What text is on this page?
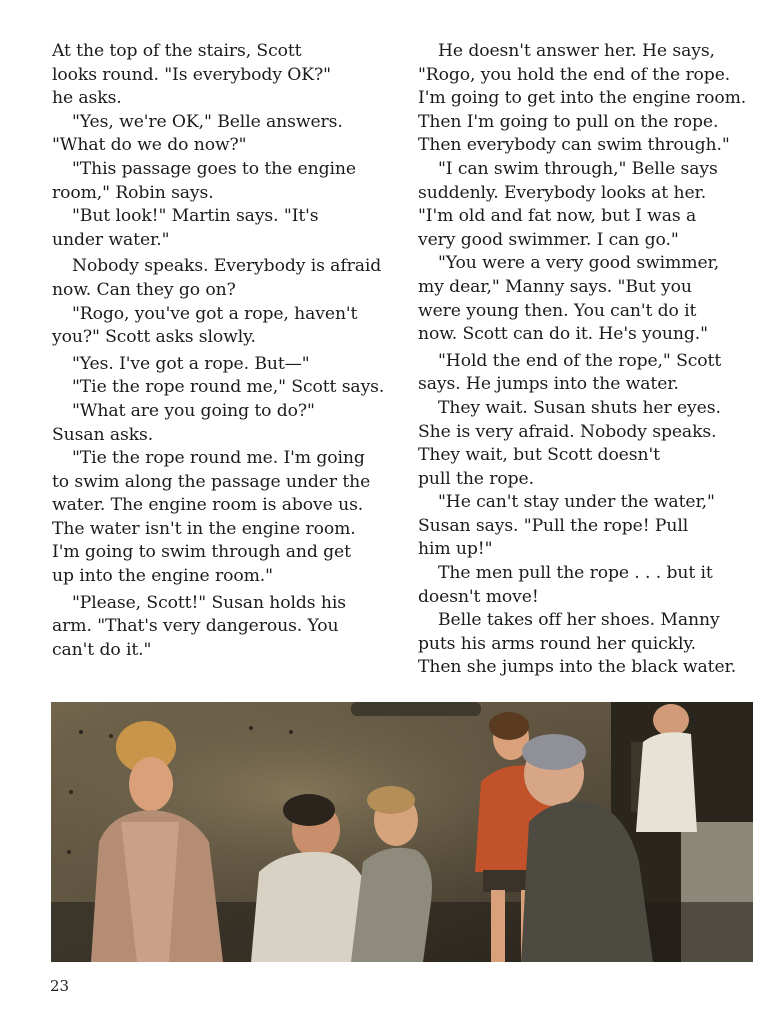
At the top of the stairs, Scott
looks round. "Is everybody OK?"
he asks.

"Yes, we're OK," Belle answers.
"What do we do now?"

"This passage goes to the engine
room," Robin says.

"But look!" Martin says. "It's
under water."

Nobody speaks. Everybody is afraid
now. Can they go on?

"Rogo, you've got a rope, haven't
you?" Scott asks slowly.

"Yes. I've got a rope. But—"

"Tie the rope round me," Scott says.

"What are you going to do?"
Susan asks.

"Tie the rope round me. I'm going
to swim along the passage under the
water. The engine room is above us.
The water isn't in the engine room.
I'm going to swim through and get
up into the engine room."

"Please, Scott!" Susan holds his
arm. "That's very dangerous. You
can't do it."

He doesn't answer her. He says,
"Rogo, you hold the end of the rope.
I'm going to get into the engine room.
Then I'm going to pull on the rope.
Then everybody can swim through."

"I can swim through," Belle says
suddenly. Everybody looks at her.
"I'm old and fat now, but I was a
very good swimmer. I can go."

"You were a very good swimmer,
my dear," Manny says. "But you
were young then. You can't do it
now. Scott can do it. He's young."

"Hold the end of the rope," Scott
says. He jumps into the water.

They wait. Susan shuts her eyes.
She is very afraid. Nobody speaks.
They wait, but Scott doesn't
pull the rope.

"He can't stay under the water,"
Susan says. "Pull the rope! Pull
him up!"

The men pull the rope . . . but it
doesn't move!

Belle takes off her shoes. Manny
puts his arms round her quickly.
Then she jumps into the black water.

23
